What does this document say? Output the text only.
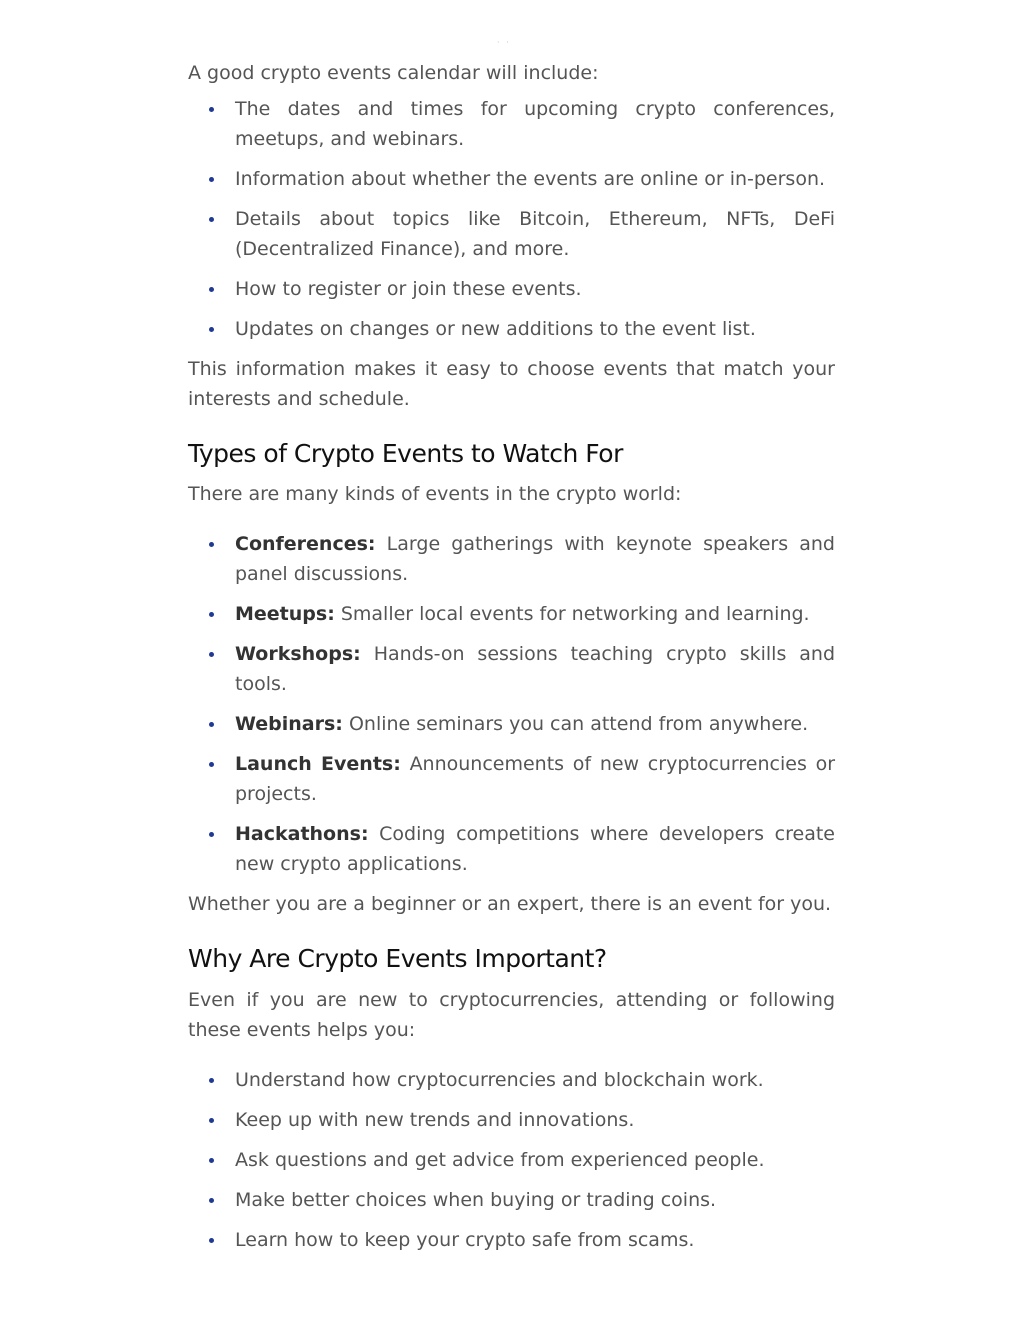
· ·

A good crypto events calendar will include:

The dates and times for upcoming crypto conferences, meetups, and webinars.
Information about whether the events are online or in-person.
Details about topics like Bitcoin, Ethereum, NFTs, DeFi (Decentralized Finance), and more.
How to register or join these events.
Updates on changes or new additions to the event list.

This information makes it easy to choose events that match your interests and schedule.

Types of Crypto Events to Watch For

There are many kinds of events in the crypto world:

Conferences: Large gatherings with keynote speakers and panel discussions.
Meetups: Smaller local events for networking and learning.
Workshops: Hands-on sessions teaching crypto skills and tools.
Webinars: Online seminars you can attend from anywhere.
Launch Events: Announcements of new cryptocurrencies or projects.
Hackathons: Coding competitions where developers create new crypto applications.

Whether you are a beginner or an expert, there is an event for you.

Why Are Crypto Events Important?

Even if you are new to cryptocurrencies, attending or following these events helps you:

Understand how cryptocurrencies and blockchain work.
Keep up with new trends and innovations.
Ask questions and get advice from experienced people.
Make better choices when buying or trading coins.
Learn how to keep your crypto safe from scams.
